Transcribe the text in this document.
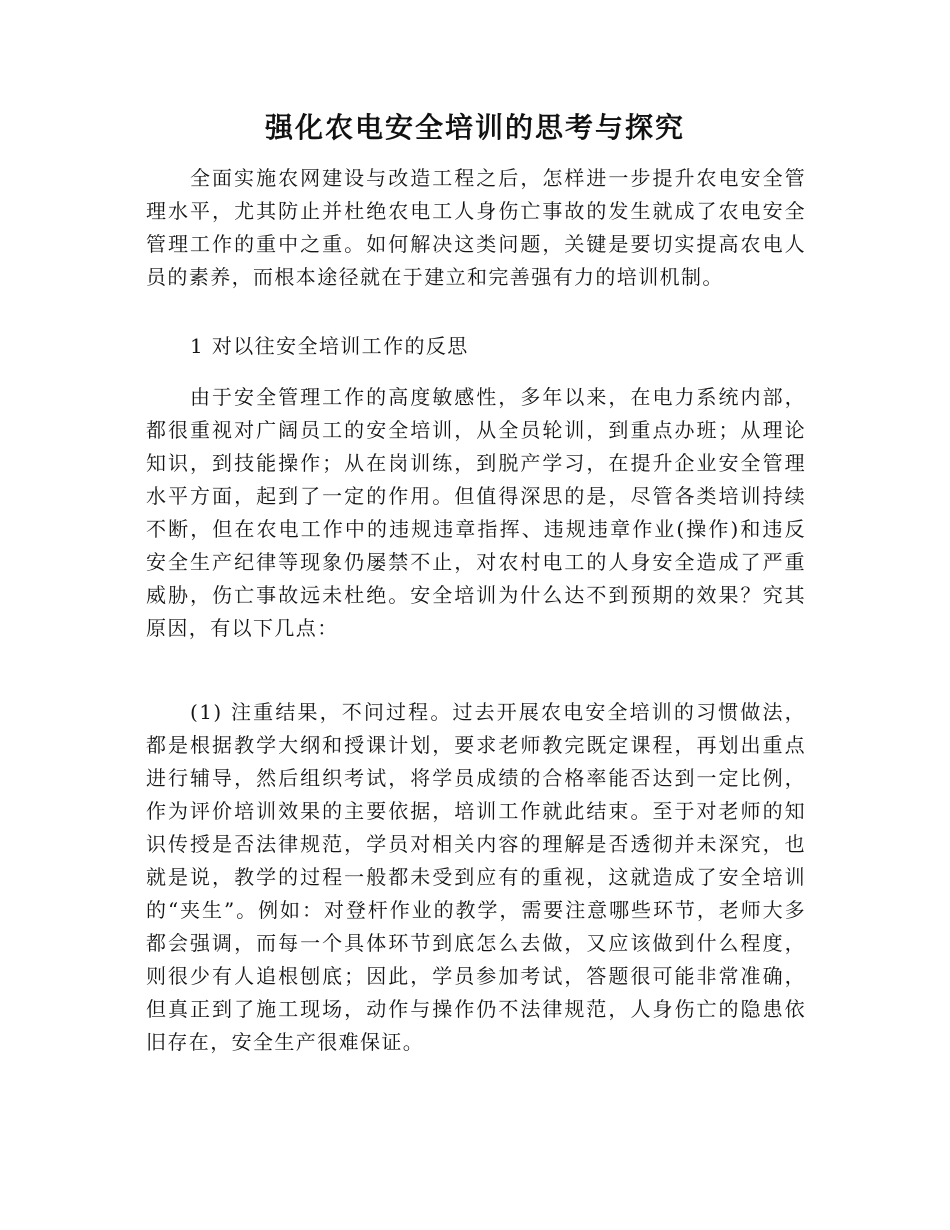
强化农电安全培训的思考与探究

全面实施农网建设与改造工程之后，怎样进一步提升农电安全管理水平，尤其防止并杜绝农电工人身伤亡事故的发生就成了农电安全管理工作的重中之重。如何解决这类问题，关键是要切实提高农电人员的素养，而根本途径就在于建立和完善强有力的培训机制。

1 对以往安全培训工作的反思

由于安全管理工作的高度敏感性，多年以来，在电力系统内部，都很重视对广阔员工的安全培训，从全员轮训，到重点办班；从理论知识，到技能操作；从在岗训练，到脱产学习，在提升企业安全管理水平方面，起到了一定的作用。但值得深思的是，尽管各类培训持续不断，但在农电工作中的违规违章指挥、违规违章作业(操作)和违反安全生产纪律等现象仍屡禁不止，对农村电工的人身安全造成了严重威胁，伤亡事故远未杜绝。安全培训为什么达不到预期的效果？究其原因，有以下几点：

(1) 注重结果，不问过程。过去开展农电安全培训的习惯做法，都是根据教学大纲和授课计划，要求老师教完既定课程，再划出重点进行辅导，然后组织考试，将学员成绩的合格率能否达到一定比例，作为评价培训效果的主要依据，培训工作就此结束。至于对老师的知识传授是否法律规范，学员对相关内容的理解是否透彻并未深究，也就是说，教学的过程一般都未受到应有的重视，这就造成了安全培训的“夹生”。例如：对登杆作业的教学，需要注意哪些环节，老师大多都会强调，而每一个具体环节到底怎么去做，又应该做到什么程度，则很少有人追根刨底；因此，学员参加考试，答题很可能非常准确，但真正到了施工现场，动作与操作仍不法律规范，人身伤亡的隐患依旧存在，安全生产很难保证。
